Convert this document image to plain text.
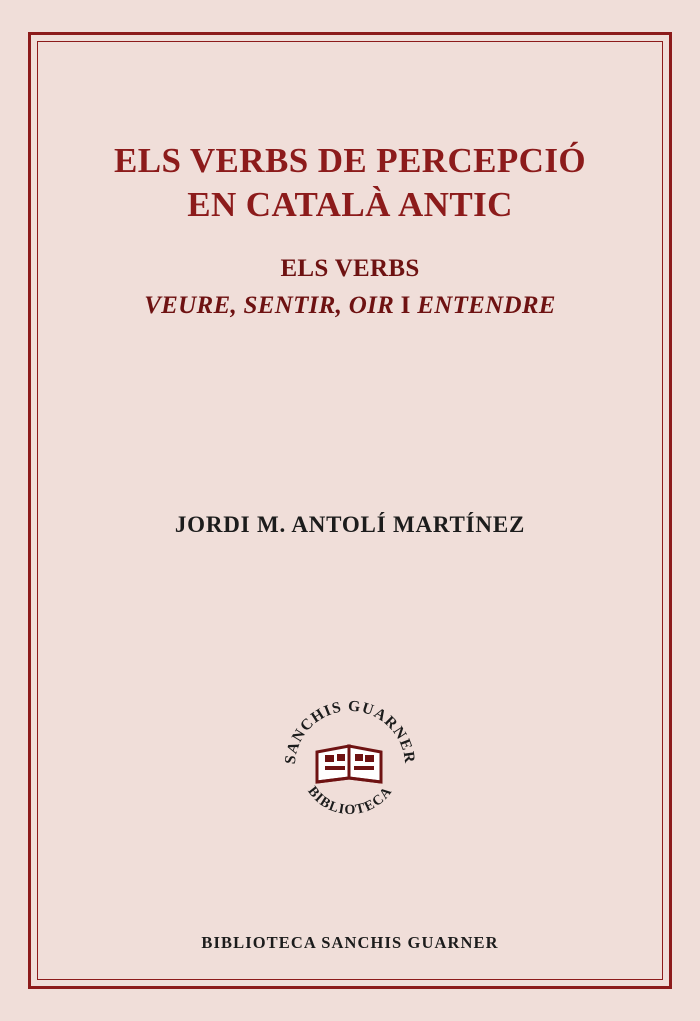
ELS VERBS DE PERCEPCIÓ
EN CATALÀ ANTIC
ELS VERBS
VEURE, SENTIR, OIR I ENTENDRE
JORDI M. ANTOLÍ MARTÍNEZ
SANCHIS GUARNER
BIBLIOTECA
BIBLIOTECA SANCHIS GUARNER
